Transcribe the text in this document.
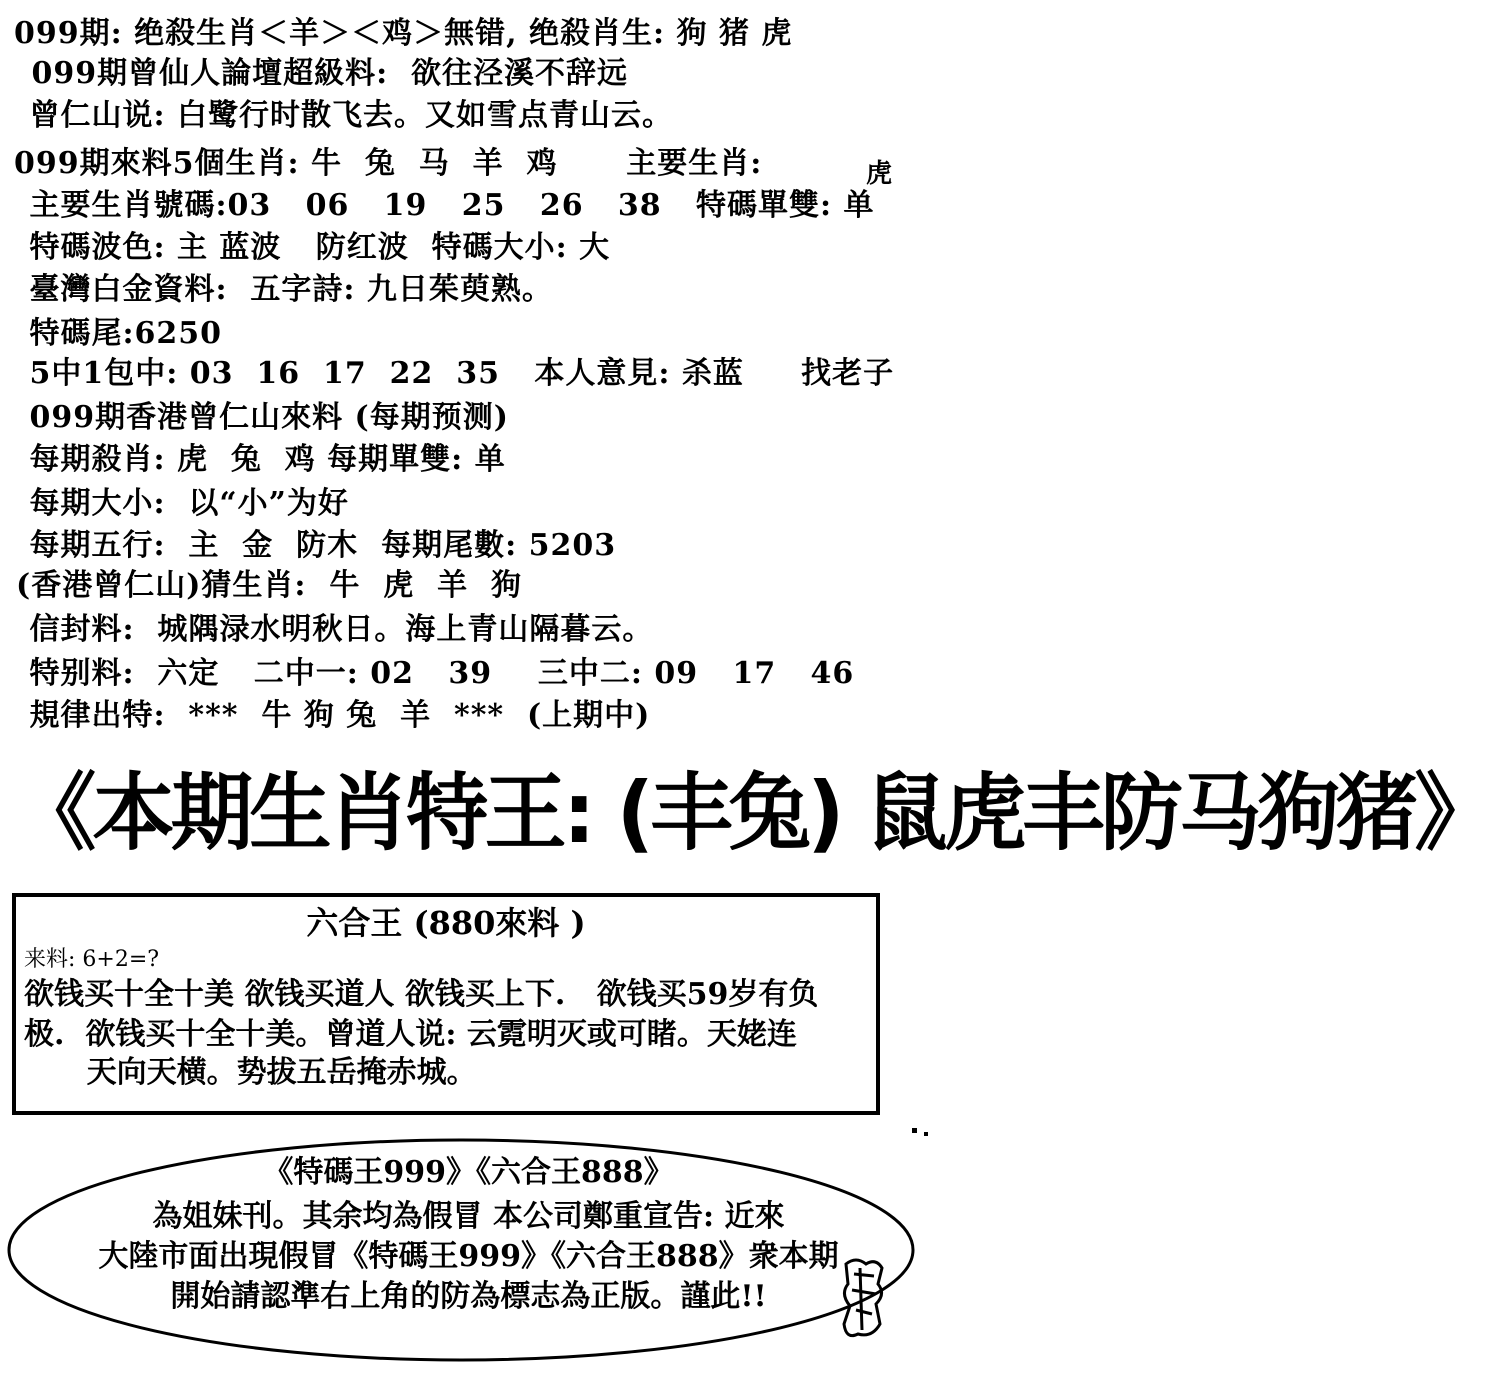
099期: 绝殺生肖＜羊＞＜鸡＞無错, 绝殺肖生: 狗 猪 虎
099期曾仙人論壇超級料:  欲往泾溪不辞远
曾仁山说: 白鹭行时散飞去。又如雪点青山云。
099期來料5個生肖: 牛  兔  马  羊  鸡      主要生肖:	虎
主要生肖號碼:03   06   19   25   26   38   特碼單雙: 单
特碼波色: 主 蓝波   防红波  特碼大小: 大
臺灣白金資料:  五字詩: 九日茱萸熟。
特碼尾:6250
5中1包中: 03  16  17  22  35   本人意見: 杀蓝     找老子
099期香港曾仁山來料 (每期预测)
每期殺肖: 虎  兔  鸡 每期單雙: 单
每期大小:  以“小”为好
每期五行:  主  金  防木  每期尾數: 5203
(香港曾仁山)猜生肖:  牛  虎  羊  狗
信封料:  城隅渌水明秋日。海上青山隔暮云。
特别料:  六定   二中一: 02   39    三中二: 09   17   46
規律出特:  ***  牛 狗 兔  羊  ***  (上期中)
《本期生肖特王: (丰兔) 鼠虎丰防马狗猪》
六合王 (880來料 )
来料: 6+2=?
欲钱买十全十美 欲钱买道人 欲钱买上下.   欲钱买59岁有负
极.  欲钱买十全十美。曾道人说: 云霓明灭或可睹。天姥连
天向天横。势拔五岳掩赤城。
《特碼王999》《六合王888》
為姐妹刊。其余均為假冒 本公司鄭重宣告: 近來
大陸市面出現假冒《特碼王999》《六合王888》衆本期
開始請認準右上角的防為標志為正版。謹此!!
